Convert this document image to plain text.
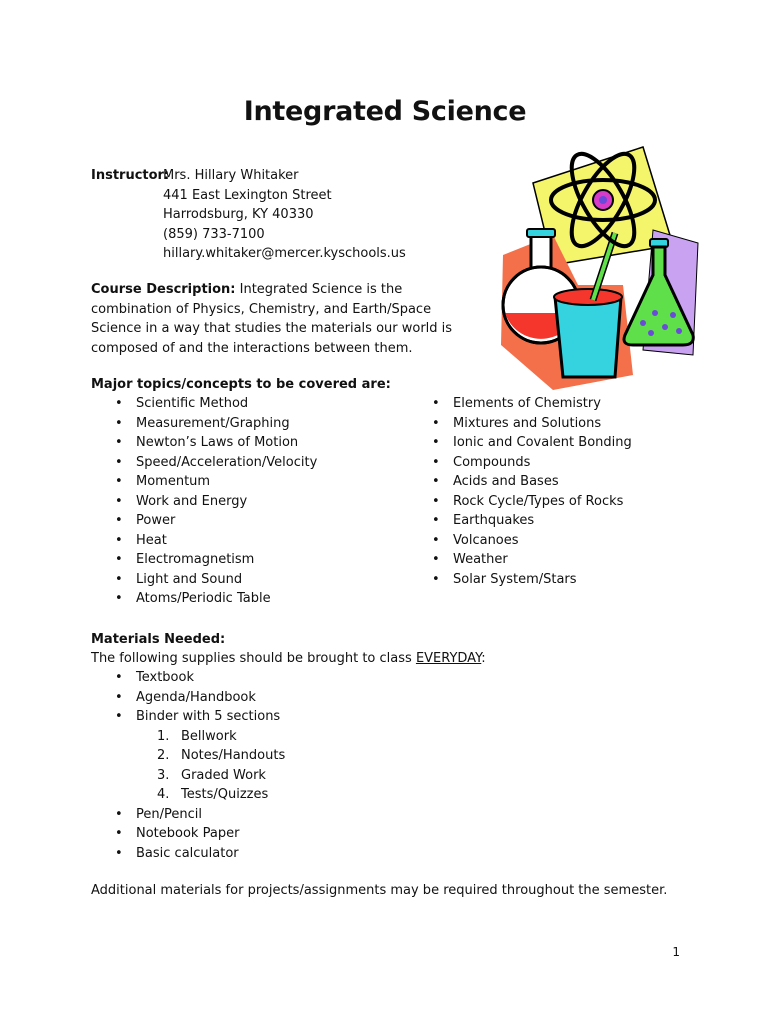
Integrated Science
Instructor:
Mrs. Hillary Whitaker
441 East Lexington Street
Harrodsburg, KY 40330
(859) 733-7100
hillary.whitaker@mercer.kyschools.us
Course Description: Integrated Science is the combination of Physics, Chemistry, and Earth/Space Science in a way that studies the materials our world is composed of and the interactions between them.
Major topics/concepts to be covered are:
• Scientific Method
• Measurement/Graphing
• Newton’s Laws of Motion
• Speed/Acceleration/Velocity
• Momentum
• Work and Energy
• Power
• Heat
• Electromagnetism
• Light and Sound
• Atoms/Periodic Table
• Elements of Chemistry
• Mixtures and Solutions
• Ionic and Covalent Bonding
• Compounds
• Acids and Bases
• Rock Cycle/Types of Rocks
• Earthquakes
• Volcanoes
• Weather
• Solar System/Stars
Materials Needed:
The following supplies should be brought to class EVERYDAY:
• Textbook
• Agenda/Handbook
• Binder with 5 sections
1. Bellwork
2. Notes/Handouts
3. Graded Work
4. Tests/Quizzes
• Pen/Pencil
• Notebook Paper
• Basic calculator
Additional materials for projects/assignments may be required throughout the semester.
1
